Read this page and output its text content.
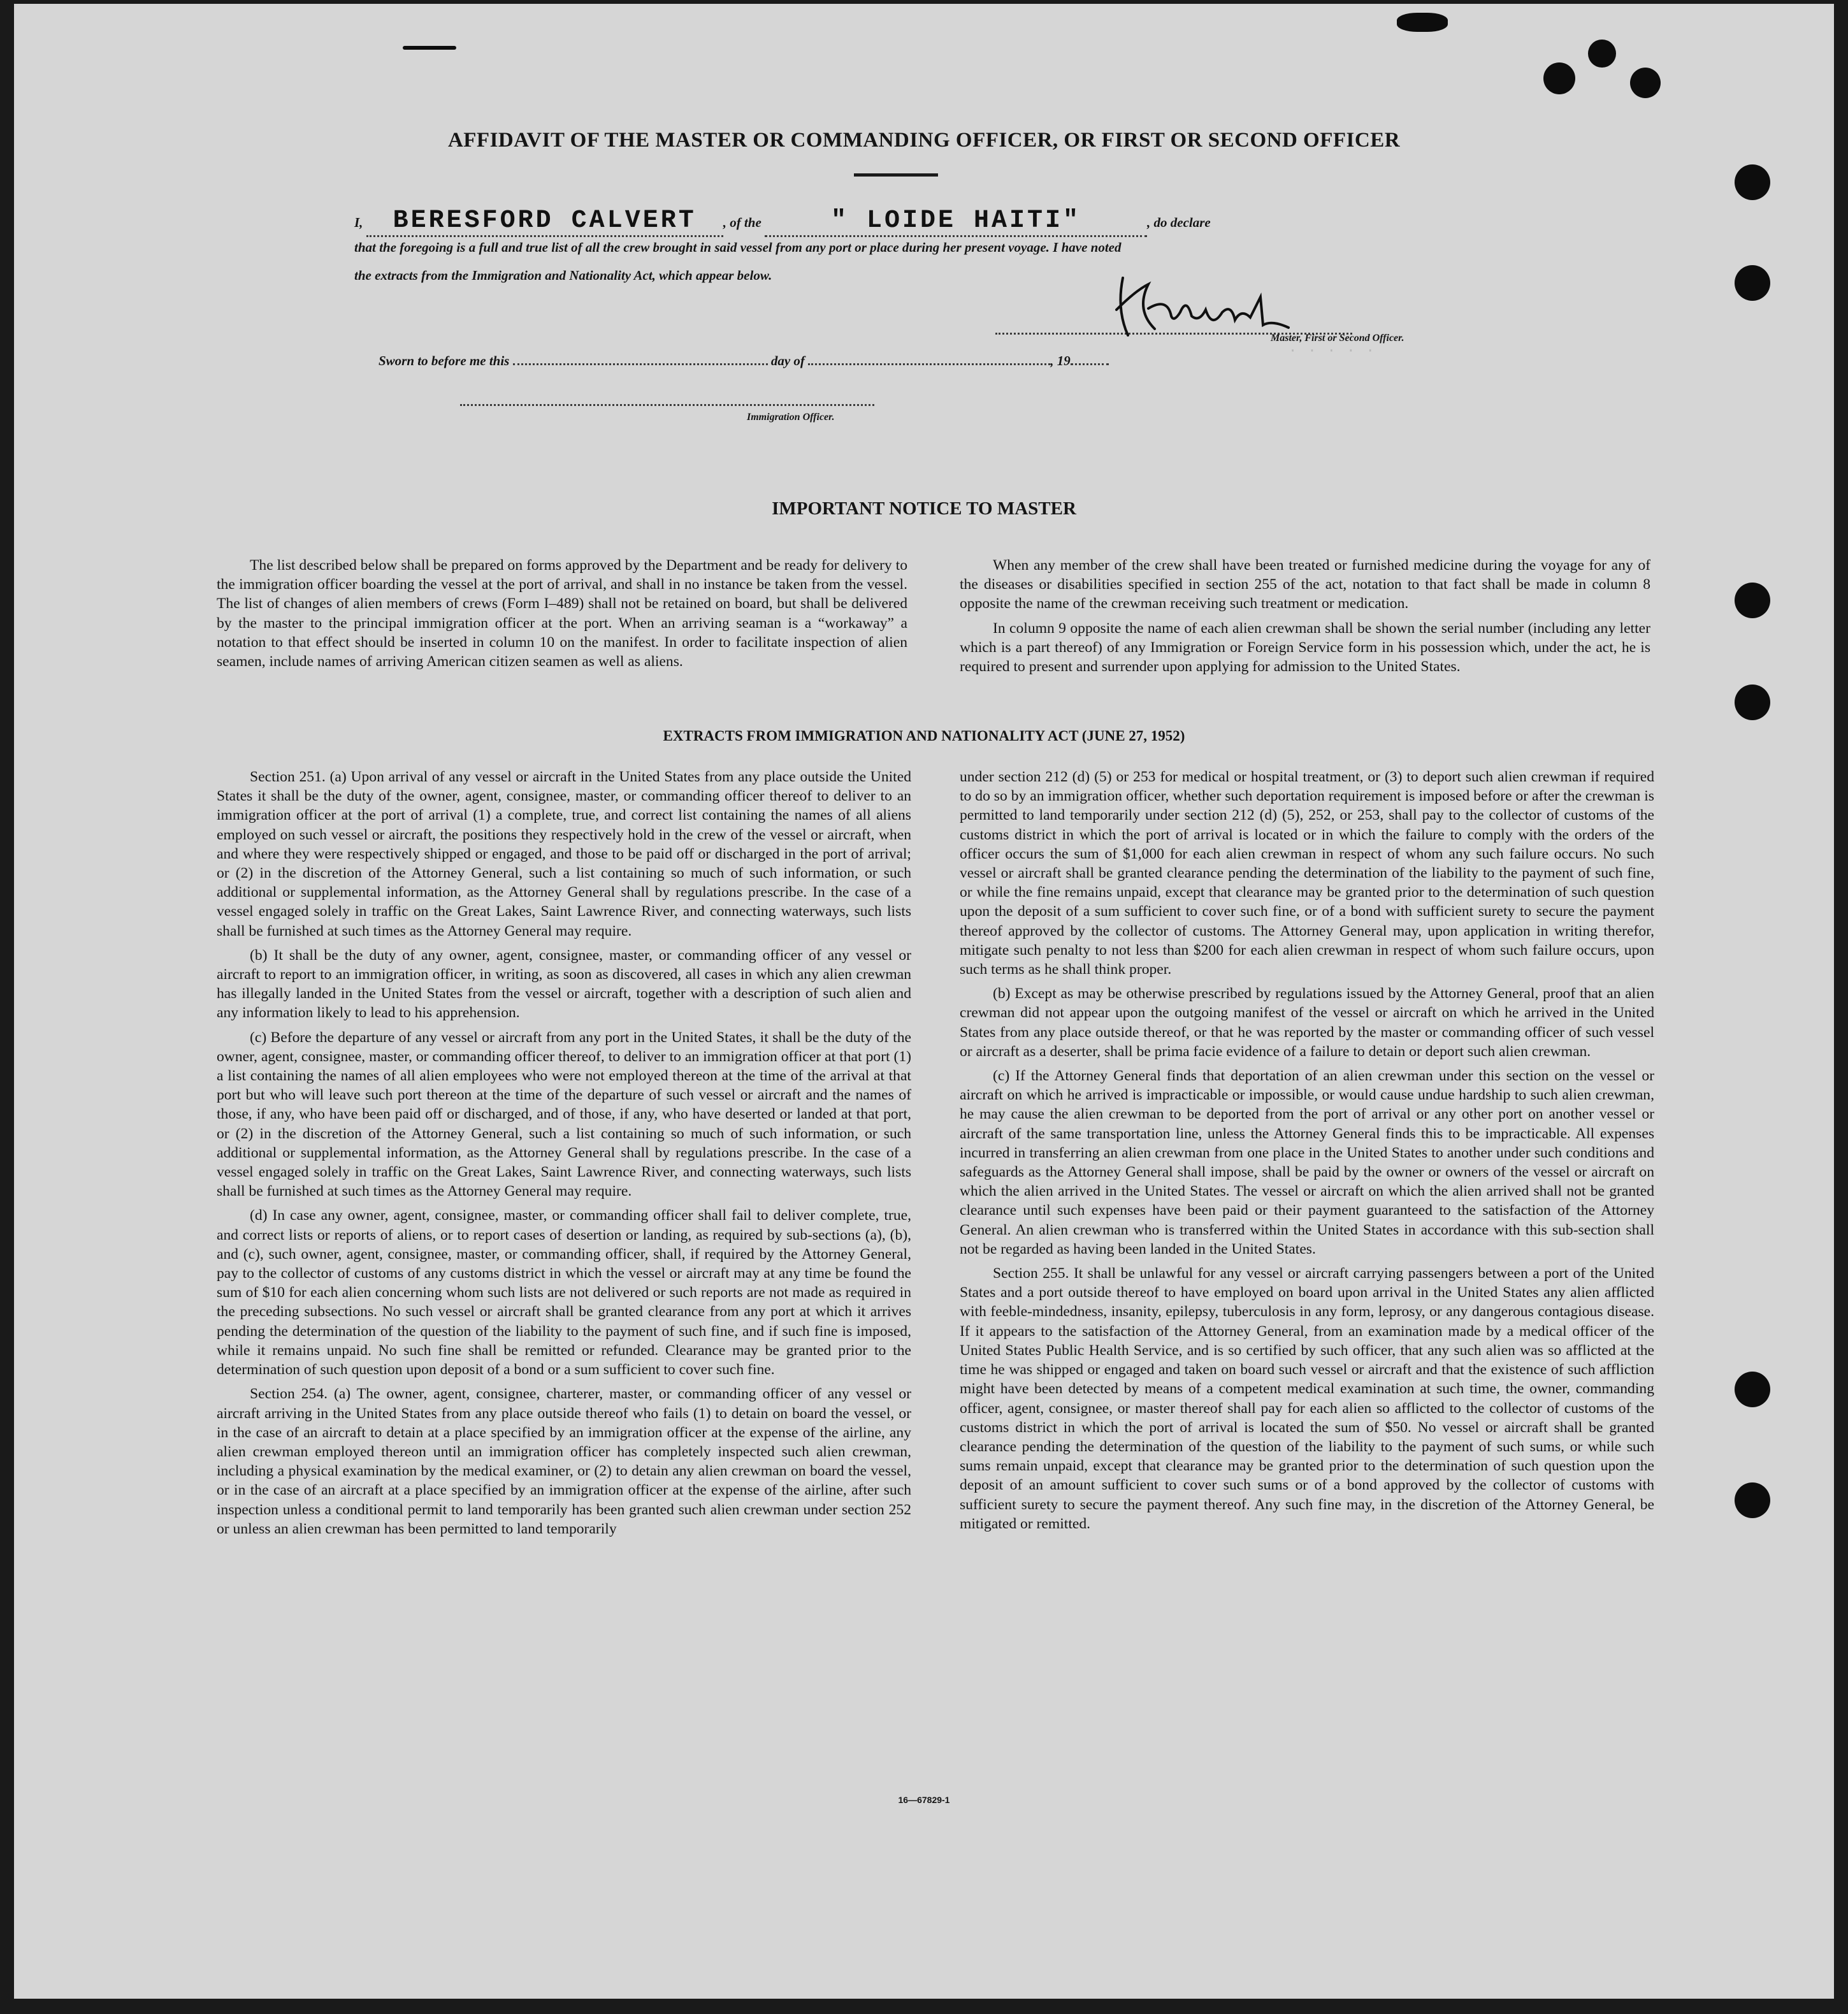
· · · · ·
AFFIDAVIT OF THE MASTER OR COMMANDING OFFICER, OR FIRST OR SECOND OFFICER
I, BERESFORD CALVERT , of the	" LOIDE HAITI"	, do declare
that the foregoing is a full and true list of all the crew brought in said vessel from any port or place during her present voyage. I have noted
the extracts from the Immigration and Nationality Act, which appear below.
Master, First or Second Officer.
Sworn to before me this	day of	, 19
Immigration Officer.
IMPORTANT NOTICE TO MASTER

The list described below shall be prepared on forms approved by the Department and be ready for delivery to the immigration officer boarding the vessel at the port of arrival, and shall in no instance be taken from the vessel. The list of changes of alien members of crews (Form I–489) shall not be retained on board, but shall be delivered by the master to the principal immigration officer at the port. When an arriving seaman is a “workaway” a notation to that effect should be inserted in column 10 on the manifest. In order to facilitate inspection of alien seamen, include names of arriving American citizen seamen as well as aliens.

When any member of the crew shall have been treated or furnished medicine during the voyage for any of the diseases or disabilities specified in section 255 of the act, notation to that fact shall be made in column 8 opposite the name of the crewman receiving such treatment or medication.

In column 9 opposite the name of each alien crewman shall be shown the serial number (including any letter which is a part thereof) of any Immigration or Foreign Service form in his possession which, under the act, he is required to present and surrender upon applying for admission to the United States.

EXTRACTS FROM IMMIGRATION AND NATIONALITY ACT (JUNE 27, 1952)

Section 251. (a) Upon arrival of any vessel or aircraft in the United States from any place outside the United States it shall be the duty of the owner, agent, consignee, master, or commanding officer thereof to deliver to an immigration officer at the port of arrival (1) a complete, true, and correct list containing the names of all aliens employed on such vessel or aircraft, the positions they respectively hold in the crew of the vessel or aircraft, when and where they were respectively shipped or engaged, and those to be paid off or discharged in the port of arrival; or (2) in the discretion of the Attorney General, such a list containing so much of such information, or such additional or supplemental information, as the Attorney General shall by regulations prescribe. In the case of a vessel engaged solely in traffic on the Great Lakes, Saint Lawrence River, and connecting waterways, such lists shall be furnished at such times as the Attorney General may require.

(b) It shall be the duty of any owner, agent, consignee, master, or commanding officer of any vessel or aircraft to report to an immigration officer, in writing, as soon as discovered, all cases in which any alien crewman has illegally landed in the United States from the vessel or aircraft, together with a description of such alien and any information likely to lead to his apprehension.

(c) Before the departure of any vessel or aircraft from any port in the United States, it shall be the duty of the owner, agent, consignee, master, or commanding officer thereof, to deliver to an immigration officer at that port (1) a list containing the names of all alien employees who were not employed thereon at the time of the arrival at that port but who will leave such port thereon at the time of the departure of such vessel or aircraft and the names of those, if any, who have been paid off or discharged, and of those, if any, who have deserted or landed at that port, or (2) in the discretion of the Attorney General, such a list containing so much of such information, or such additional or supplemental information, as the Attorney General shall by regulations prescribe. In the case of a vessel engaged solely in traffic on the Great Lakes, Saint Lawrence River, and connecting waterways, such lists shall be furnished at such times as the Attorney General may require.

(d) In case any owner, agent, consignee, master, or commanding officer shall fail to deliver complete, true, and correct lists or reports of aliens, or to report cases of desertion or landing, as required by sub-sections (a), (b), and (c), such owner, agent, consignee, master, or commanding officer, shall, if required by the Attorney General, pay to the collector of customs of any customs district in which the vessel or aircraft may at any time be found the sum of $10 for each alien concerning whom such lists are not delivered or such reports are not made as required in the preceding subsections. No such vessel or aircraft shall be granted clearance from any port at which it arrives pending the determination of the question of the liability to the payment of such fine, and if such fine is imposed, while it remains unpaid. No such fine shall be remitted or refunded. Clearance may be granted prior to the determination of such question upon deposit of a bond or a sum sufficient to cover such fine.

Section 254. (a) The owner, agent, consignee, charterer, master, or commanding officer of any vessel or aircraft arriving in the United States from any place outside thereof who fails (1) to detain on board the vessel, or in the case of an aircraft to detain at a place specified by an immigration officer at the expense of the airline, any alien crewman employed thereon until an immigration officer has completely inspected such alien crewman, including a physical examination by the medical examiner, or (2) to detain any alien crewman on board the vessel, or in the case of an aircraft at a place specified by an immigration officer at the expense of the airline, after such inspection unless a conditional permit to land temporarily has been granted such alien crewman under section 252 or unless an alien crewman has been permitted to land temporarily

under section 212 (d) (5) or 253 for medical or hospital treatment, or (3) to deport such alien crewman if required to do so by an immigration officer, whether such deportation requirement is imposed before or after the crewman is permitted to land temporarily under section 212 (d) (5), 252, or 253, shall pay to the collector of customs of the customs district in which the port of arrival is located or in which the failure to comply with the orders of the officer occurs the sum of $1,000 for each alien crewman in respect of whom any such failure occurs. No such vessel or aircraft shall be granted clearance pending the determination of the liability to the payment of such fine, or while the fine remains unpaid, except that clearance may be granted prior to the determination of such question upon the deposit of a sum sufficient to cover such fine, or of a bond with sufficient surety to secure the payment thereof approved by the collector of customs. The Attorney General may, upon application in writing therefor, mitigate such penalty to not less than $200 for each alien crewman in respect of whom such failure occurs, upon such terms as he shall think proper.

(b) Except as may be otherwise prescribed by regulations issued by the Attorney General, proof that an alien crewman did not appear upon the outgoing manifest of the vessel or aircraft on which he arrived in the United States from any place outside thereof, or that he was reported by the master or commanding officer of such vessel or aircraft as a deserter, shall be prima facie evidence of a failure to detain or deport such alien crewman.

(c) If the Attorney General finds that deportation of an alien crewman under this section on the vessel or aircraft on which he arrived is impracticable or impossible, or would cause undue hardship to such alien crewman, he may cause the alien crewman to be deported from the port of arrival or any other port on another vessel or aircraft of the same transportation line, unless the Attorney General finds this to be impracticable. All expenses incurred in transferring an alien crewman from one place in the United States to another under such conditions and safeguards as the Attorney General shall impose, shall be paid by the owner or owners of the vessel or aircraft on which the alien arrived in the United States. The vessel or aircraft on which the alien arrived shall not be granted clearance until such expenses have been paid or their payment guaranteed to the satisfaction of the Attorney General. An alien crewman who is transferred within the United States in accordance with this sub-section shall not be regarded as having been landed in the United States.

Section 255. It shall be unlawful for any vessel or aircraft carrying passengers between a port of the United States and a port outside thereof to have employed on board upon arrival in the United States any alien afflicted with feeble-mindedness, insanity, epilepsy, tuberculosis in any form, leprosy, or any dangerous contagious disease. If it appears to the satisfaction of the Attorney General, from an examination made by a medical officer of the United States Public Health Service, and is so certified by such officer, that any such alien was so afflicted at the time he was shipped or engaged and taken on board such vessel or aircraft and that the existence of such affliction might have been detected by means of a competent medical examination at such time, the owner, commanding officer, agent, consignee, or master thereof shall pay for each alien so afflicted to the collector of customs of the customs district in which the port of arrival is located the sum of $50. No vessel or aircraft shall be granted clearance pending the determination of the question of the liability to the payment of such sums, or while such sums remain unpaid, except that clearance may be granted prior to the determination of such question upon the deposit of an amount sufficient to cover such sums or of a bond approved by the collector of customs with sufficient surety to secure the payment thereof. Any such fine may, in the discretion of the Attorney General, be mitigated or remitted.

16—67829-1
